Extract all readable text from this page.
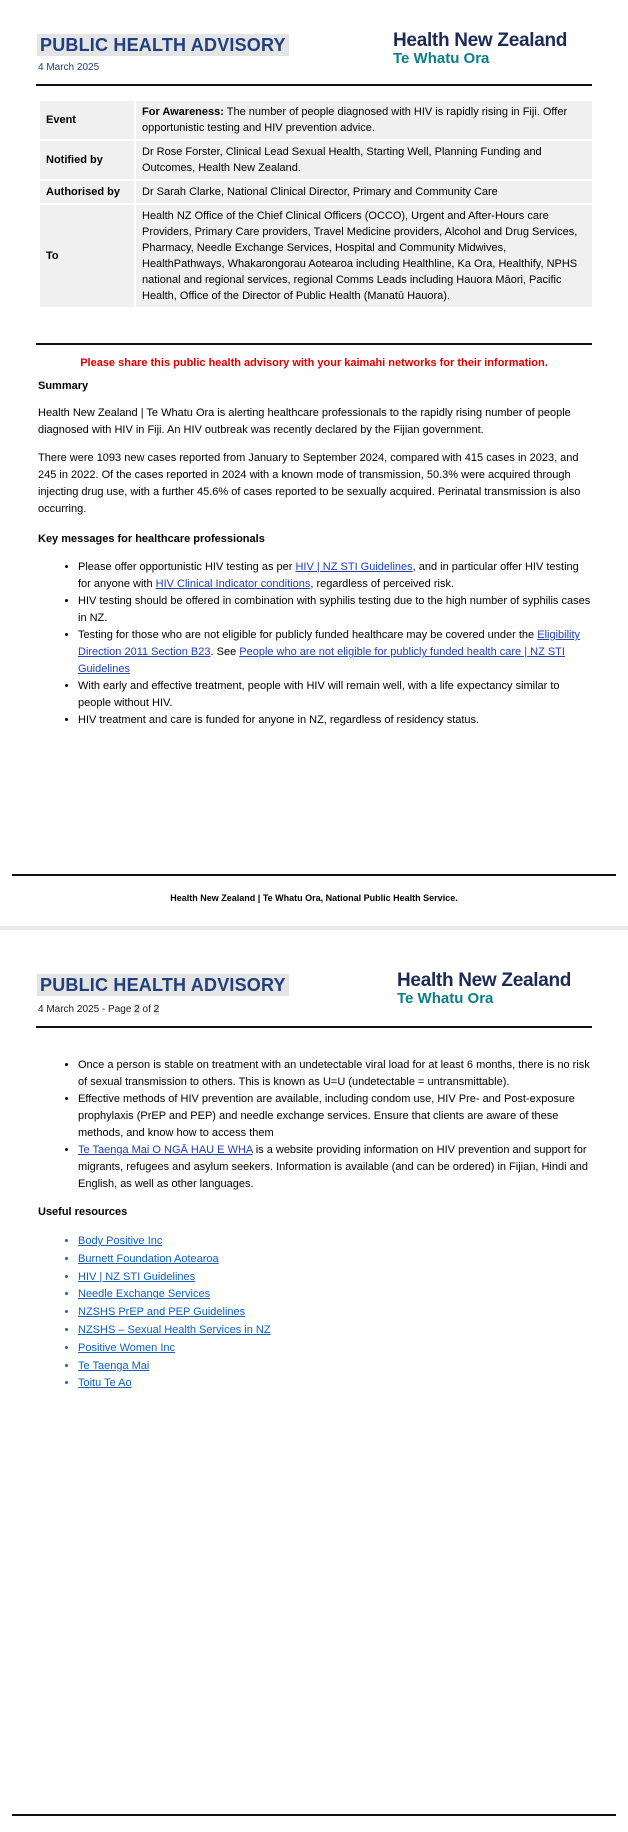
PUBLIC HEALTH ADVISORY
4 March 2025
Health New Zealand
Te Whatu Ora
Event	For Awareness: The number of people diagnosed with HIV is rapidly rising in Fiji. Offer opportunistic testing and HIV prevention advice.
Notified by	Dr Rose Forster, Clinical Lead Sexual Health, Starting Well, Planning Funding and Outcomes, Health New Zealand.
Authorised by	Dr Sarah Clarke, National Clinical Director, Primary and Community Care
To	Health NZ Office of the Chief Clinical Officers (OCCO), Urgent and After-Hours care Providers, Primary Care providers, Travel Medicine providers, Alcohol and Drug Services, Pharmacy, Needle Exchange Services, Hospital and Community Midwives, HealthPathways, Whakarongorau Aotearoa including Healthline, Ka Ora, Healthify, NPHS national and regional services, regional Comms Leads including Hauora Māori, Pacific Health, Office of the Director of Public Health (Manatū Hauora).
Please share this public health advisory with your kaimahi networks for their information.
Summary
Health New Zealand | Te Whatu Ora is alerting healthcare professionals to the rapidly rising number of people diagnosed with HIV in Fiji. An HIV outbreak was recently declared by the Fijian government.
There were 1093 new cases reported from January to September 2024, compared with 415 cases in 2023, and 245 in 2022. Of the cases reported in 2024 with a known mode of transmission, 50.3% were acquired through injecting drug use, with a further 45.6% of cases reported to be sexually acquired. Perinatal transmission is also occurring.
Key messages for healthcare professionals
• Please offer opportunistic HIV testing as per HIV | NZ STI Guidelines, and in particular offer HIV testing for anyone with HIV Clinical Indicator conditions, regardless of perceived risk.
• HIV testing should be offered in combination with syphilis testing due to the high number of syphilis cases in NZ.
• Testing for those who are not eligible for publicly funded healthcare may be covered under the Eligibility Direction 2011 Section B23. See People who are not eligible for publicly funded health care | NZ STI Guidelines
• With early and effective treatment, people with HIV will remain well, with a life expectancy similar to people without HIV.
• HIV treatment and care is funded for anyone in NZ, regardless of residency status.
Health New Zealand | Te Whatu Ora, National Public Health Service.
PUBLIC HEALTH ADVISORY
4 March 2025 - Page 2 of 2
Health New Zealand
Te Whatu Ora
• Once a person is stable on treatment with an undetectable viral load for at least 6 months, there is no risk of sexual transmission to others. This is known as U=U (undetectable = untransmittable).
• Effective methods of HIV prevention are available, including condom use, HIV Pre- and Post-exposure prophylaxis (PrEP and PEP) and needle exchange services. Ensure that clients are aware of these methods, and know how to access them
• Te Taenga Mai O NGĀ HAU E WHA is a website providing information on HIV prevention and support for migrants, refugees and asylum seekers. Information is available (and can be ordered) in Fijian, Hindi and English, as well as other languages.
Useful resources
• Body Positive Inc
• Burnett Foundation Aotearoa
• HIV | NZ STI Guidelines
• Needle Exchange Services
• NZSHS PrEP and PEP Guidelines
• NZSHS – Sexual Health Services in NZ
• Positive Women Inc
• Te Taenga Mai
• Toitu Te Ao
